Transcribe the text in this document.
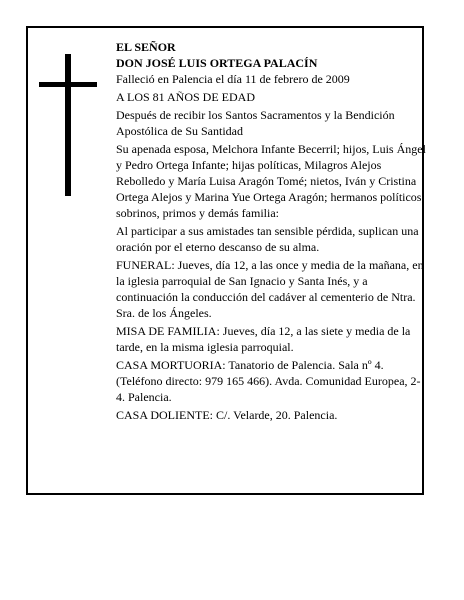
EL SEÑOR
DON JOSÉ LUIS ORTEGA PALACÍN

Falleció en Palencia el día 11 de febrero de 2009

A LOS 81 AÑOS DE EDAD

Después de recibir los Santos Sacramentos y la Bendición Apostólica de Su Santidad

Su apenada esposa, Melchora Infante Becerril; hijos, Luis Ángel y Pedro Ortega Infante; hijas políticas, Milagros Alejos Rebolledo y María Luisa Aragón Tomé; nietos, Iván y Cristina Ortega Alejos y Marina Yue Ortega Aragón; hermanos políticos, sobrinos, primos y demás familia:

Al participar a sus amistades tan sensible pérdida, suplican una oración por el eterno descanso de su alma.

FUNERAL: Jueves, día 12, a las once y media de la mañana, en la iglesia parroquial de San Ignacio y Santa Inés, y a continuación la conducción del cadáver al cementerio de Ntra. Sra. de los Ángeles.

MISA DE FAMILIA: Jueves, día 12, a las siete y media de la tarde, en la misma iglesia parroquial.

CASA MORTUORIA: Tanatorio de Palencia. Sala nº 4. (Teléfono directo: 979 165 466). Avda. Comunidad Europea, 2-4. Palencia.

CASA DOLIENTE: C/. Velarde, 20. Palencia.
